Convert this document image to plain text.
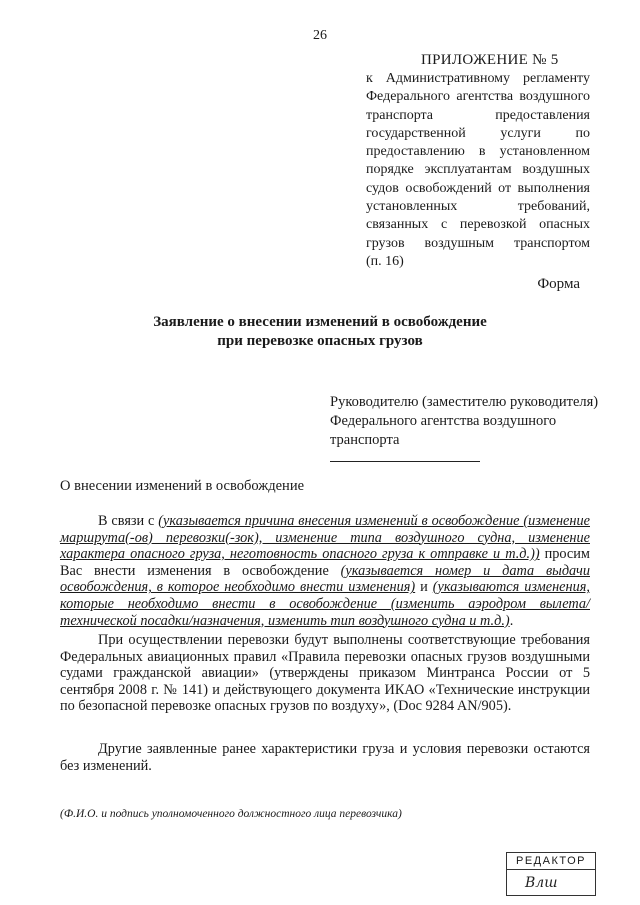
26
ПРИЛОЖЕНИЕ № 5
к Административному регламенту
Федерального агентства воздушного
транспорта предоставления
государственной услуги по
предоставлению в установленном
порядке эксплуатантам воздушных
судов освобождений от выполнения
установленных требований,
связанных с перевозкой опасных
грузов воздушным транспортом
(п. 16)
Форма
Заявление о внесении изменений в освобождение
при перевозке опасных грузов
Руководителю (заместителю руководителя)
Федерального агентства воздушного
транспорта
О внесении изменений в освобождение
В связи с (указывается причина внесения изменений в освобождение (изменение маршрута(-ов) перевозки(-зок), изменение типа воздушного судна, изменение характера опасного груза, неготовность опасного груза к отправке и т.д.)) просим Вас внести изменения в освобождение (указывается номер и дата выдачи освобождения, в которое необходимо внести изменения) и (указываются изменения, которые необходимо внести в освобождение (изменить аэродром вылета/технической посадки/назначения, изменить тип воздушного судна и т.д.).
При осуществлении перевозки будут выполнены соответствующие требования Федеральных авиационных правил «Правила перевозки опасных грузов воздушными судами гражданской авиации» (утверждены приказом Минтранса России от 5 сентября 2008 г. № 141) и действующего документа ИКАО «Технические инструкции по безопасной перевозке опасных грузов по воздуху», (Doc 9284 AN/905).
Другие заявленные ранее характеристики груза и условия перевозки остаются без изменений.
(Ф.И.О. и подпись уполномоченного должностного лица перевозчика)
РЕДАКТОР
Влш
